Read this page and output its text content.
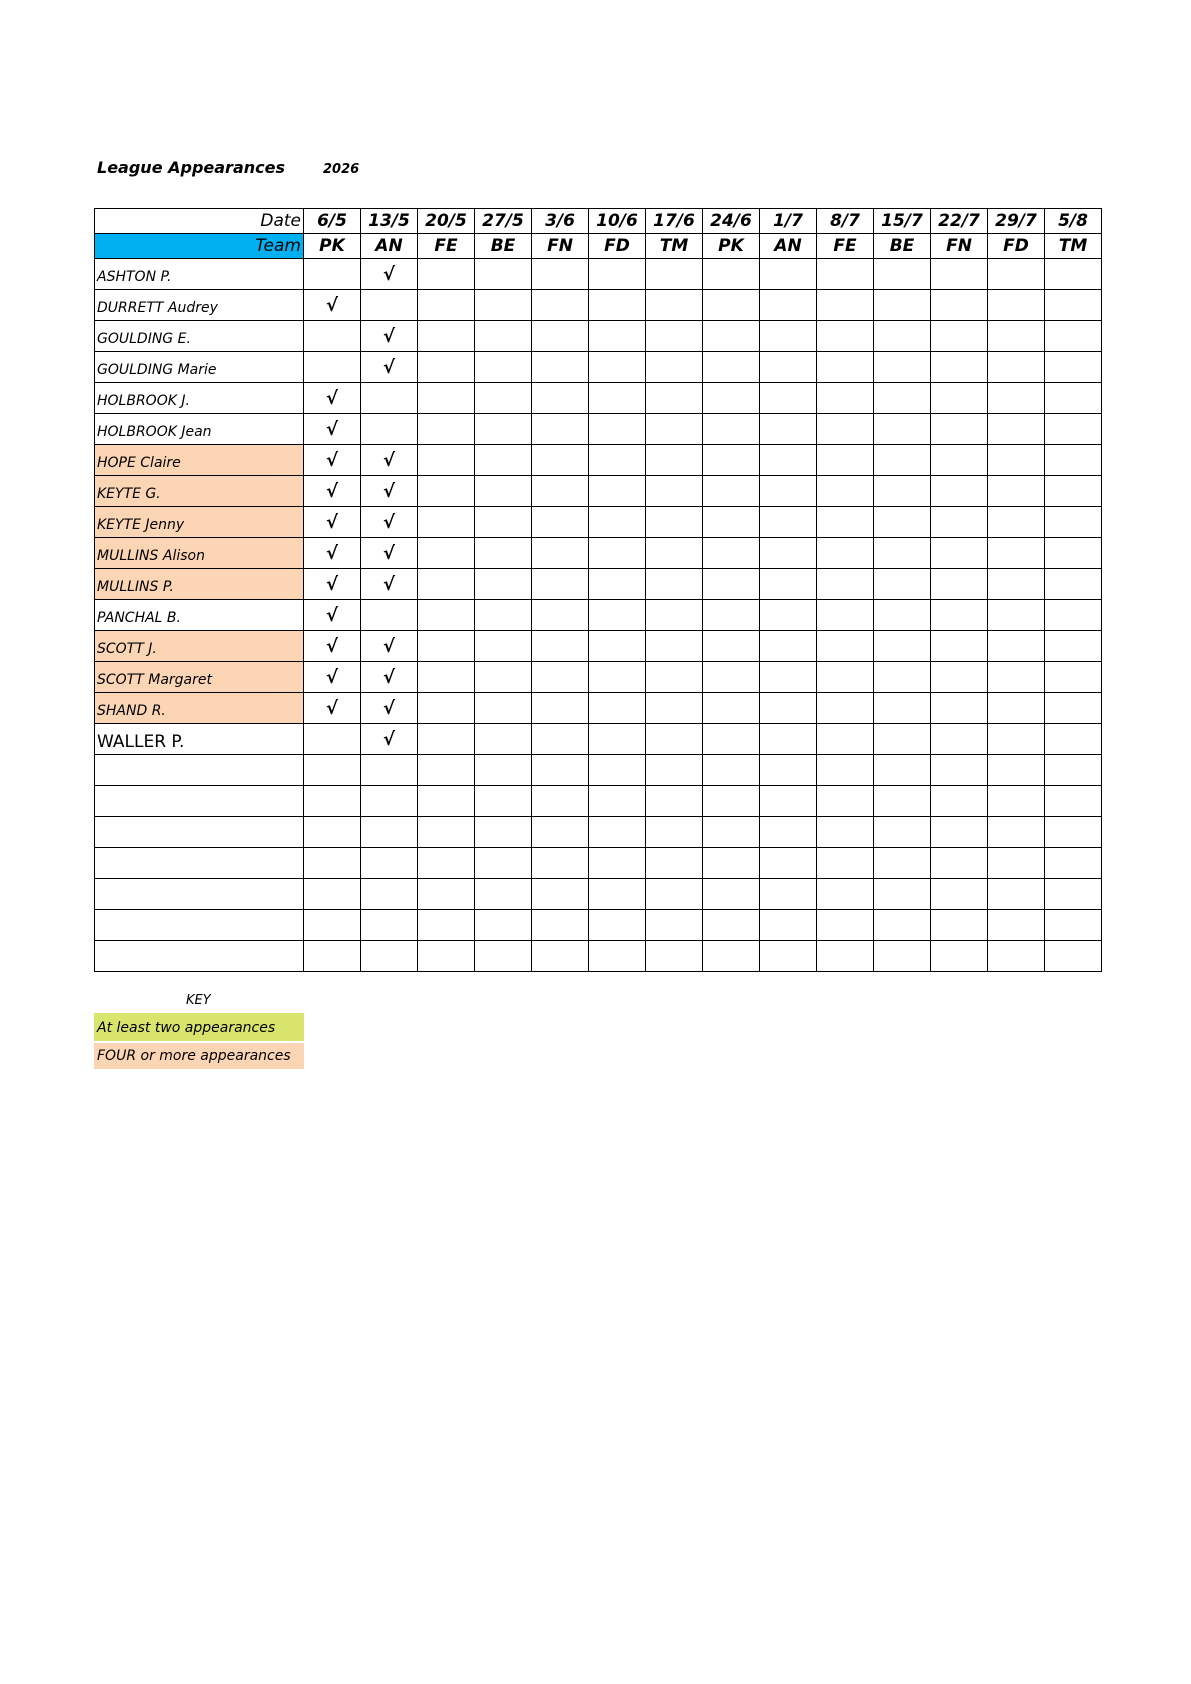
League Appearances	2026
Date	6/5	13/5	20/5	27/5	3/6	10/6	17/6	24/6	1/7	8/7	15/7	22/7	29/7	5/8
Team	PK	AN	FE	BE	FN	FD	TM	PK	AN	FE	BE	FN	FD	TM
ASHTON P.		√												
DURRETT Audrey	√													
GOULDING E.		√												
GOULDING Marie		√												
HOLBROOK J.	√													
HOLBROOK Jean	√													
HOPE Claire	√	√												
KEYTE G.	√	√												
KEYTE Jenny	√	√												
MULLINS Alison	√	√												
MULLINS P.	√	√												
PANCHAL B.	√													
SCOTT J.	√	√												
SCOTT Margaret	√	√												
SHAND R.	√	√												
WALLER P.		√												

KEY
At least two appearances
FOUR or more appearances
